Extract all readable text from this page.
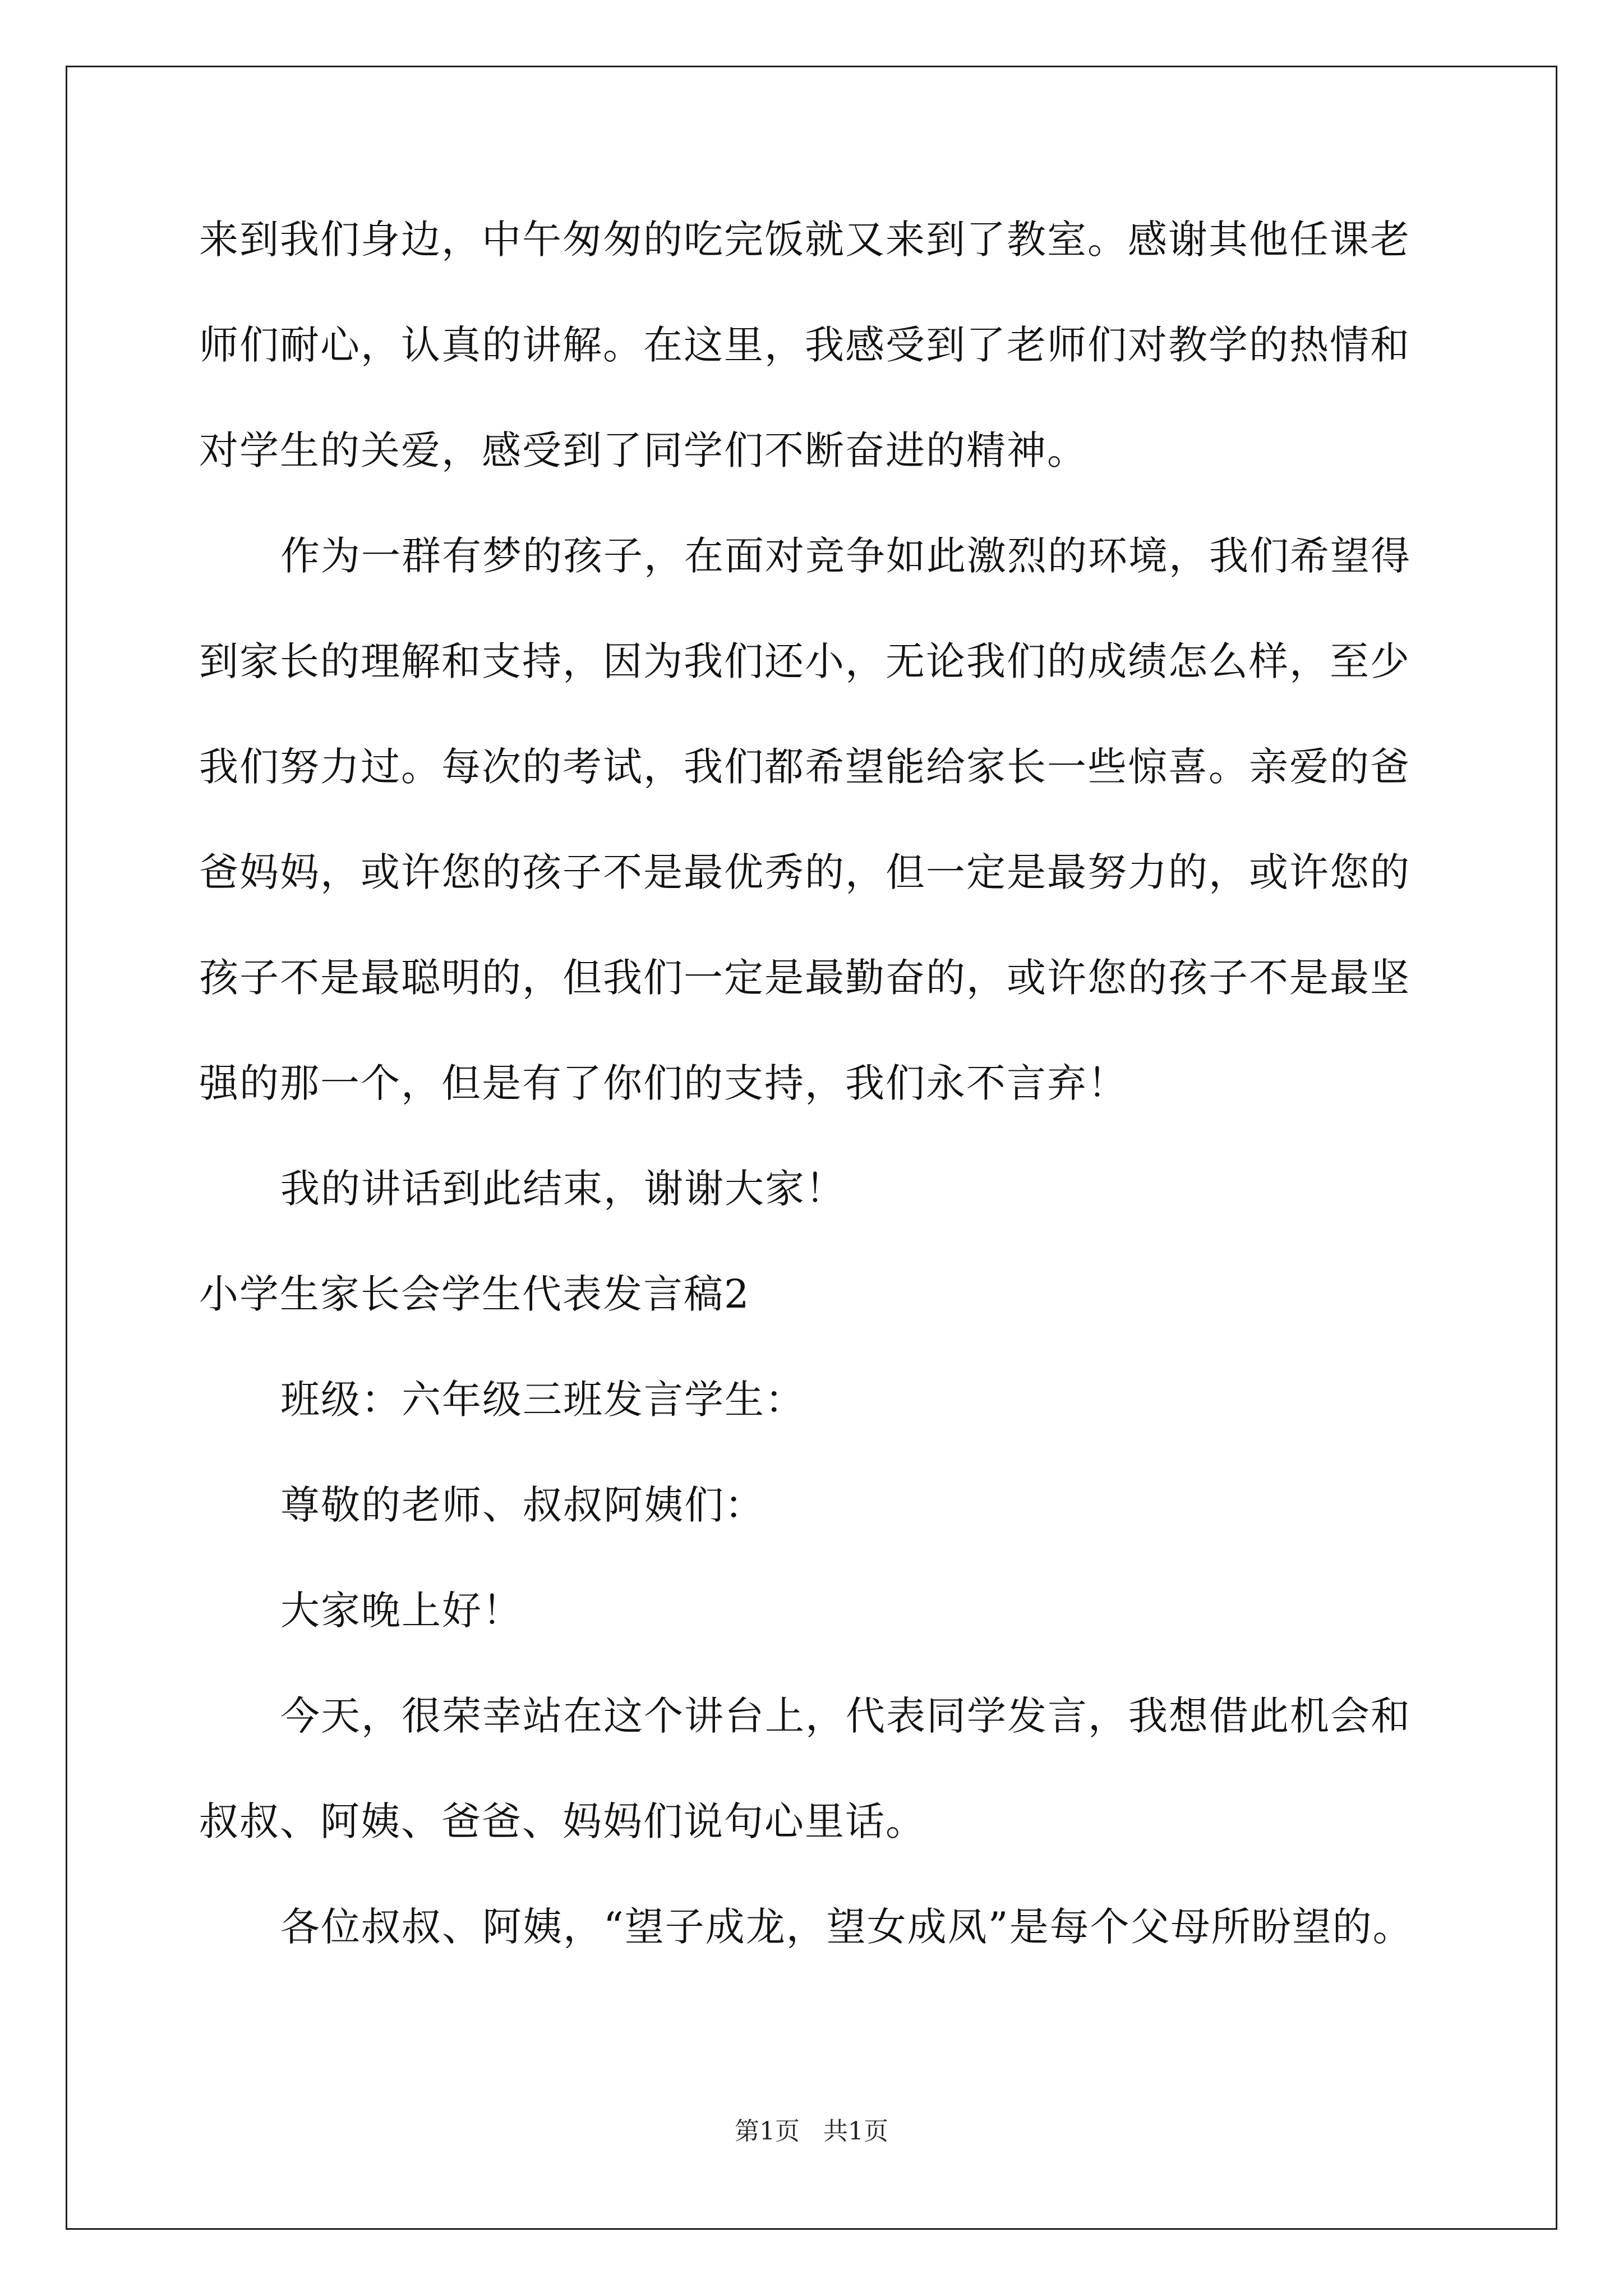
来到我们身边，中午匆匆的吃完饭就又来到了教室。感谢其他任课老

师们耐心，认真的讲解。在这里，我感受到了老师们对教学的热情和

对学生的关爱，感受到了同学们不断奋进的精神。

作为一群有梦的孩子，在面对竞争如此激烈的环境，我们希望得

到家长的理解和支持，因为我们还小，无论我们的成绩怎么样，至少

我们努力过。每次的考试，我们都希望能给家长一些惊喜。亲爱的爸

爸妈妈，或许您的孩子不是最优秀的，但一定是最努力的，或许您的

孩子不是最聪明的，但我们一定是最勤奋的，或许您的孩子不是最坚

强的那一个，但是有了你们的支持，我们永不言弃！

我的讲话到此结束，谢谢大家！

小学生家长会学生代表发言稿2

班级：六年级三班发言学生：

尊敬的老师、叔叔阿姨们：

大家晚上好！

今天，很荣幸站在这个讲台上，代表同学发言，我想借此机会和

叔叔、阿姨、爸爸、妈妈们说句心里话。

各位叔叔、阿姨，“望子成龙，望女成凤”是每个父母所盼望的。

第1页 共1页
